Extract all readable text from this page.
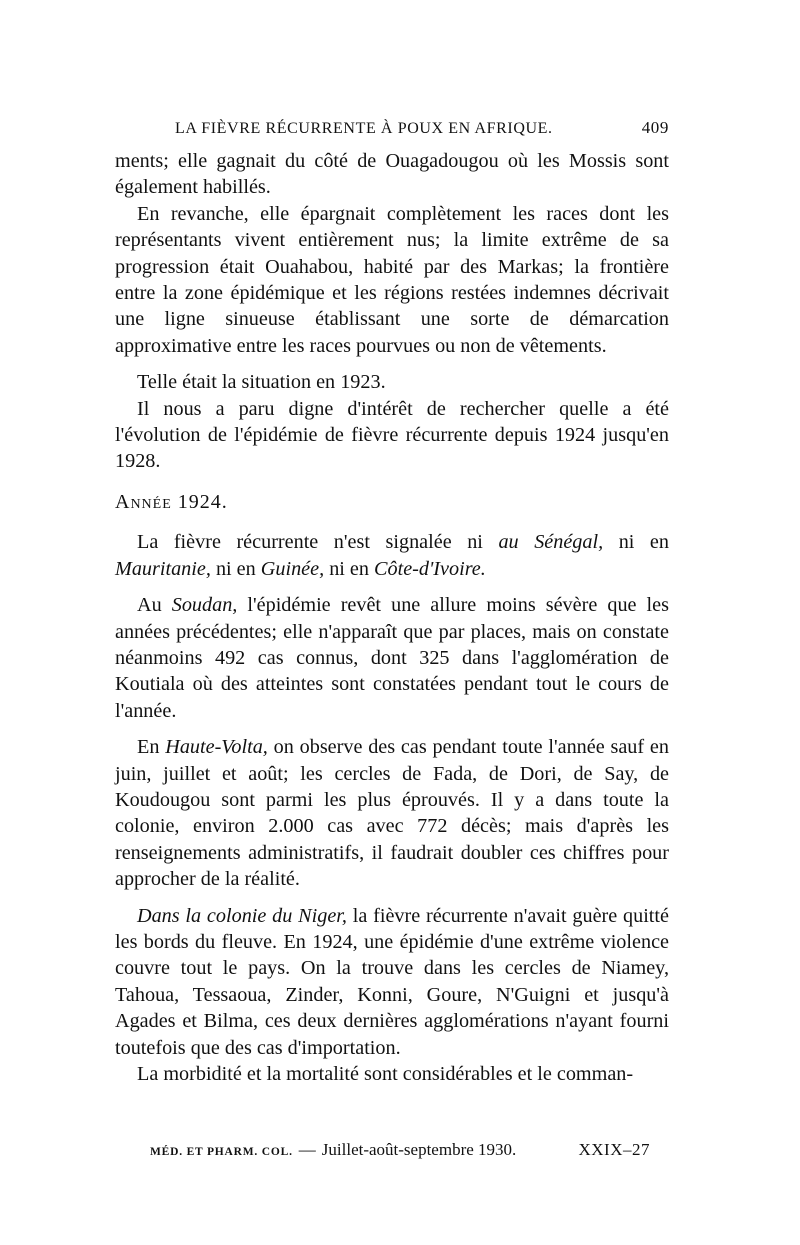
LA FIÈVRE RÉCURRENTE À POUX EN AFRIQUE.	409

ments; elle gagnait du côté de Ouagadougou où les Mossis sont également habillés.

En revanche, elle épargnait complètement les races dont les représentants vivent entièrement nus; la limite extrême de sa progression était Ouahabou, habité par des Markas; la frontière entre la zone épidémique et les régions restées indemnes décrivait une ligne sinueuse établissant une sorte de démarcation approximative entre les races pourvues ou non de vêtements.

Telle était la situation en 1923.

Il nous a paru digne d'intérêt de rechercher quelle a été l'évolution de l'épidémie de fièvre récurrente depuis 1924 jusqu'en 1928.

Année 1924.

La fièvre récurrente n'est signalée ni au Sénégal, ni en Mauritanie, ni en Guinée, ni en Côte-d'Ivoire.

Au Soudan, l'épidémie revêt une allure moins sévère que les années précédentes; elle n'apparaît que par places, mais on constate néanmoins 492 cas connus, dont 325 dans l'agglomération de Koutiala où des atteintes sont constatées pendant tout le cours de l'année.

En Haute-Volta, on observe des cas pendant toute l'année sauf en juin, juillet et août; les cercles de Fada, de Dori, de Say, de Koudougou sont parmi les plus éprouvés. Il y a dans toute la colonie, environ 2.000 cas avec 772 décès; mais d'après les renseignements administratifs, il faudrait doubler ces chiffres pour approcher de la réalité.

Dans la colonie du Niger, la fièvre récurrente n'avait guère quitté les bords du fleuve. En 1924, une épidémie d'une extrême violence couvre tout le pays. On la trouve dans les cercles de Niamey, Tahoua, Tessaoua, Zinder, Konni, Goure, N'Guigni et jusqu'à Agades et Bilma, ces deux dernières agglomérations n'ayant fourni toutefois que des cas d'importation.

La morbidité et la mortalité sont considérables et le comman-

MÉD. ET PHARM. COL. — Juillet-août-septembre 1930.	XXIX–27
